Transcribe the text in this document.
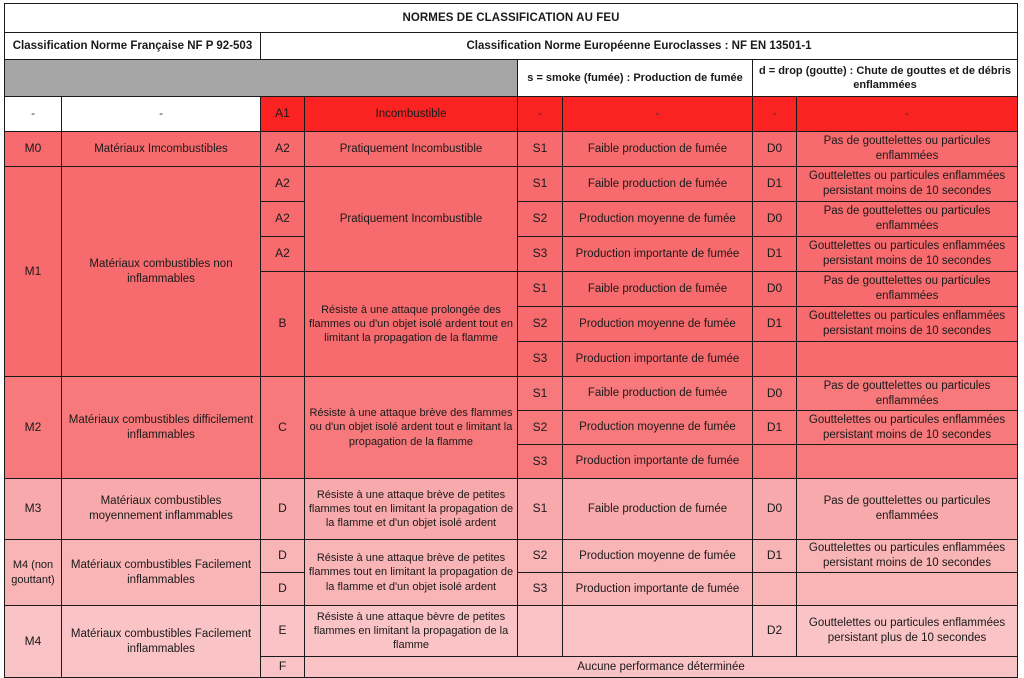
NORMES DE CLASSIFICATION AU FEU							
Classification Norme Française NF P 92-503		Classification Norme Européenne Euroclasses : NF EN 13501-1					
				s = smoke (fumée) : Production de fumée		d = drop (goutte) : Chute de gouttes et de débris enflammées	
-	-	A1	Incombustible	-	-	-	-
M0	Matériaux Imcombustibles	A2	Pratiquement Incombustible	S1	Faible production de fumée	D0	Pas de gouttelettes ou particules enflammées
M1	Matériaux combustibles non inflammables	A2	Pratiquement Incombustible	S1	Faible production de fumée	D1	Gouttelettes ou particules enflammées persistant moins de 10 secondes
		A2		S2	Production moyenne de fumée	D0	Pas de gouttelettes ou particules enflammées
		A2		S3	Production importante de fumée	D1	Gouttelettes ou particules enflammées persistant moins de 10 secondes
		B	Résiste à une attaque prolongée des flammes ou d'un objet isolé ardent tout en limitant la propagation de la flamme	S1	Faible production de fumée	D0	Pas de gouttelettes ou particules enflammées
				S2	Production moyenne de fumée	D1	Gouttelettes ou particules enflammées persistant moins de 10 secondes
				S3	Production importante de fumée		
M2	Matériaux combustibles difficilement inflammables	C	Résiste à une attaque brève des flammes ou d'un objet isolé ardent tout e limitant la propagation de la flamme	S1	Faible production de fumée	D0	Pas de gouttelettes ou particules enflammées
				S2	Production moyenne de fumée	D1	Gouttelettes ou particules enflammées persistant moins de 10 secondes
				S3	Production importante de fumée		
M3	Matériaux combustibles moyennement inflammables	D	Résiste à une attaque brève de petites flammes tout en limitant la propagation de la flamme et d'un objet isolé ardent	S1	Faible production de fumée	D0	Pas de gouttelettes ou particules enflammées
M4 (non gouttant)	Matériaux combustibles Facilement inflammables	D	Résiste à une attaque brève de petites flammes tout en limitant la propagation de la flamme et d'un objet isolé ardent	S2	Production moyenne de fumée	D1	Gouttelettes ou particules enflammées persistant moins de 10 secondes
		D		S3	Production importante de fumée		
M4	Matériaux combustibles Facilement inflammables	E	Résiste à une attaque bèvre de petites flammes en limitant la propagation de la flamme			D2	Gouttelettes ou particules enflammées persistant plus de 10 secondes
		F	Aucune performance déterminée				
